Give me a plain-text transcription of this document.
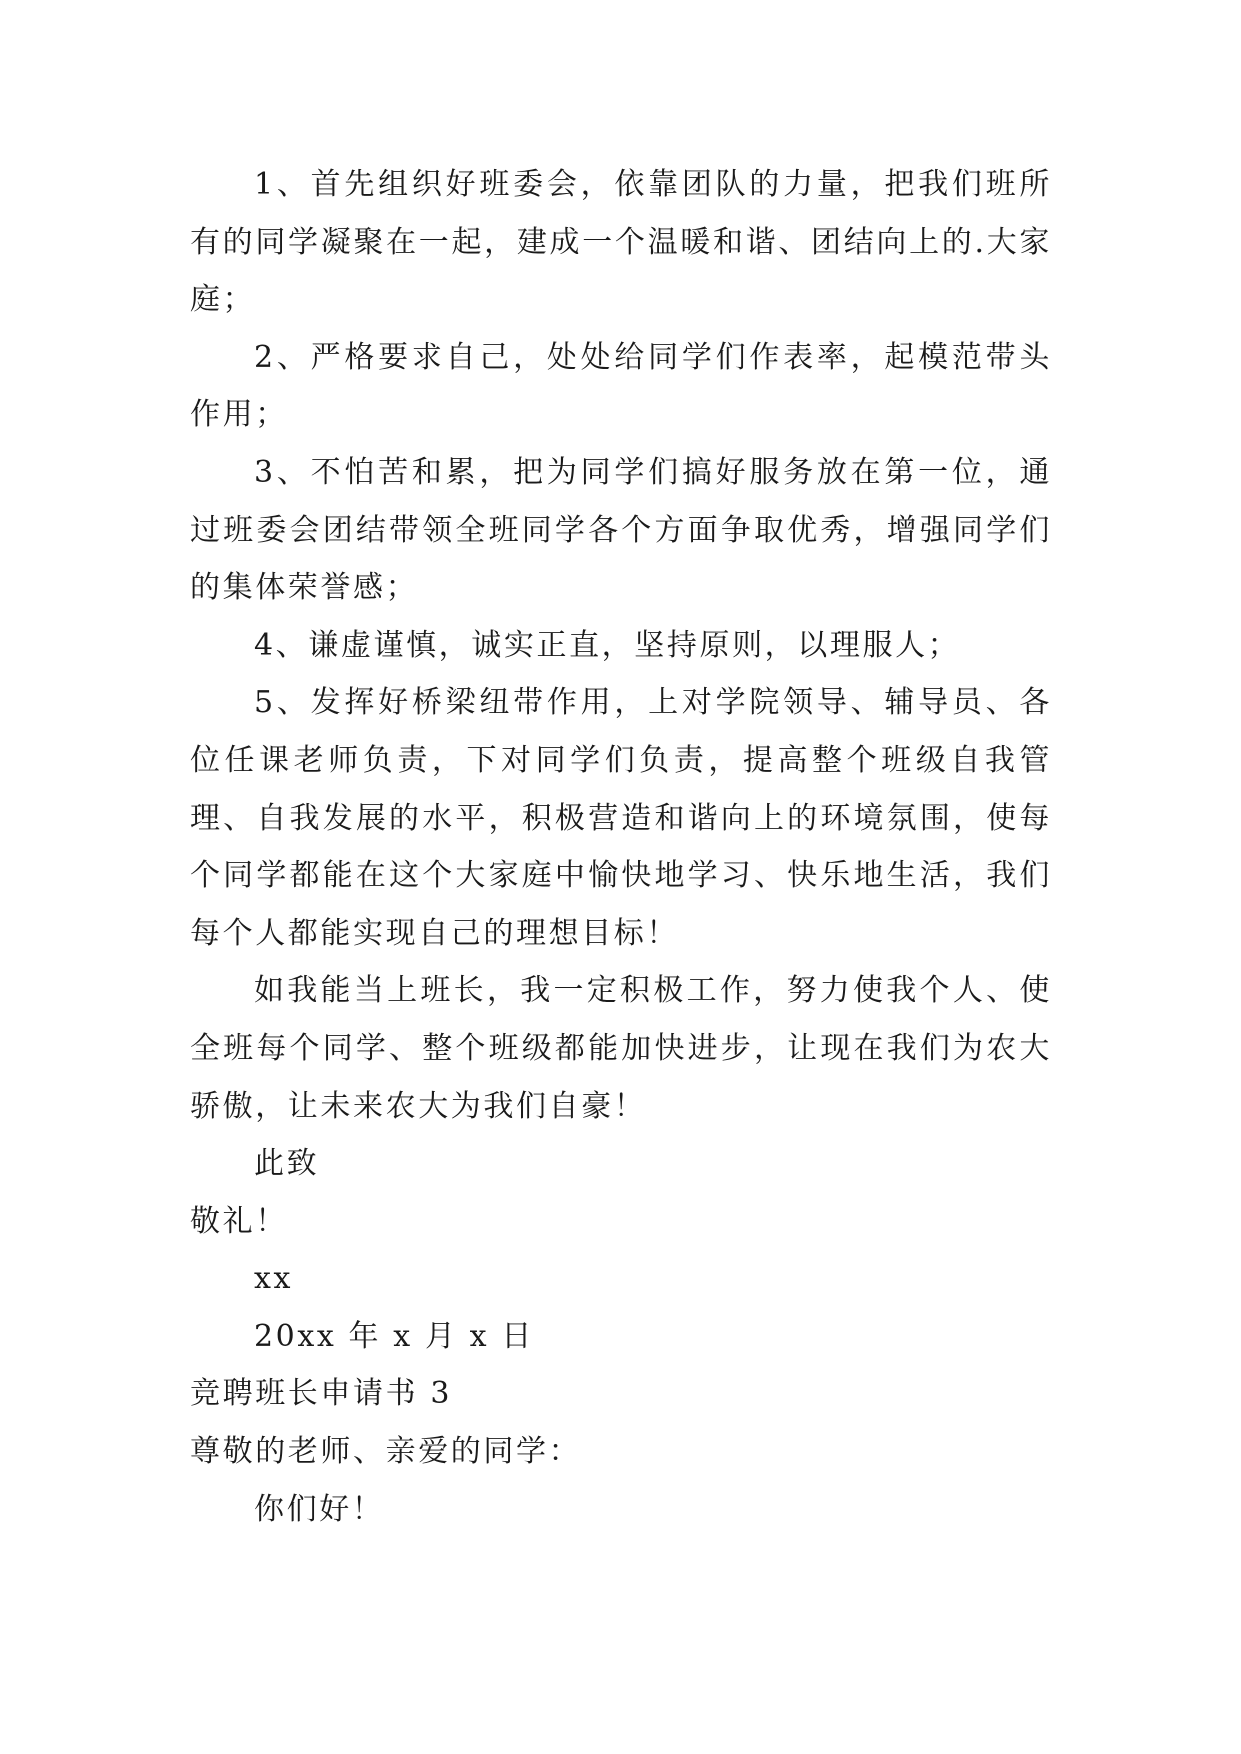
1、首先组织好班委会，依靠团队的力量，把我们班所有的同学凝聚在一起，建成一个温暖和谐、团结向上的.大家庭；

2、严格要求自己，处处给同学们作表率，起模范带头作用；

3、不怕苦和累，把为同学们搞好服务放在第一位，通过班委会团结带领全班同学各个方面争取优秀，增强同学们的集体荣誉感；

4、谦虚谨慎，诚实正直，坚持原则，以理服人；

5、发挥好桥梁纽带作用，上对学院领导、辅导员、各位任课老师负责，下对同学们负责，提高整个班级自我管理、自我发展的水平，积极营造和谐向上的环境氛围，使每个同学都能在这个大家庭中愉快地学习、快乐地生活，我们每个人都能实现自己的理想目标！

如我能当上班长，我一定积极工作，努力使我个人、使全班每个同学、整个班级都能加快进步，让现在我们为农大骄傲，让未来农大为我们自豪！

此致

敬礼！

xx

20xx 年 x 月 x 日

竞聘班长申请书 3

尊敬的老师、亲爱的同学：

你们好！
